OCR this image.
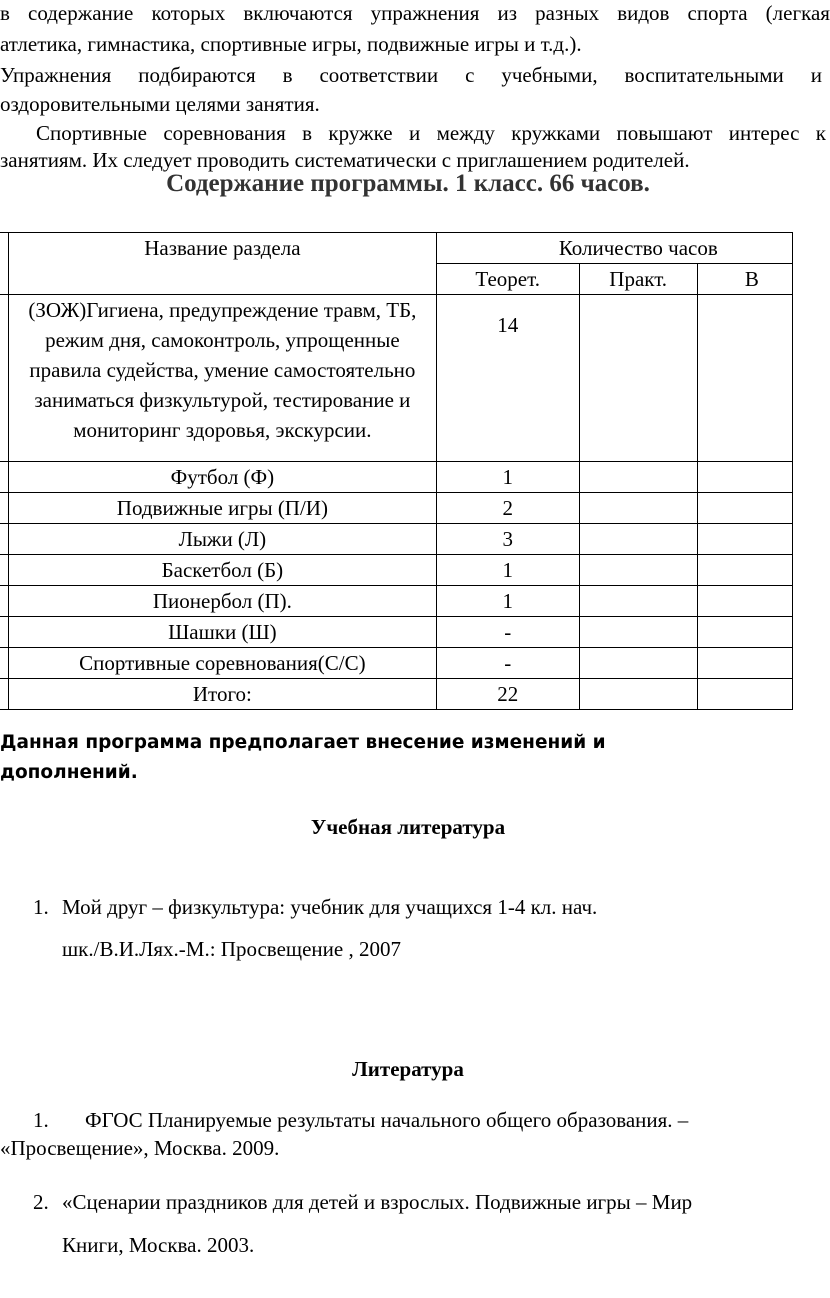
в содержание которых включаются упражнения из разных видов спорта (легкая
атлетика, гимнастика, спортивные игры, подвижные игры и т.д.).
Упражнения подбираются в соответствии с учебными, воспитательными и
оздоровительными целями занятия.
Спортивные соревнования в кружке и между кружками повышают интерес к
занятиям. Их следует проводить систематически с приглашением родителей.
Содержание программы. 1 класс. 66 часов.
	Название раздела	Количество часов		
		Теорет.	Практ.	В
	(ЗОЖ)Гигиена, предупреждение травм, ТБ, режим дня, самоконтроль, упрощенные правила судейства, умение самостоятельно заниматься физкультурой, тестирование и мониторинг здоровья, экскурсии.	14		
	Футбол (Ф)	1		
	Подвижные игры (П/И)	2		
	Лыжи (Л)	3		
	Баскетбол (Б)	1		
	Пионербол (П).	1		
	Шашки (Ш)	-		
	Спортивные соревнования(С/С)	-		
	Итого:	22		
Данная программа предполагает внесение изменений и
дополнений.
Учебная литература
1. Мой друг – физкультура: учебник для учащихся 1-4 кл. нач.
шк./В.И.Лях.-М.: Просвещение , 2007
Литература
1. ФГОС Планируемые результаты начального общего образования. –
«Просвещение», Москва. 2009.
2. «Сценарии праздников для детей и взрослых. Подвижные игры – Мир
Книги, Москва. 2003.
